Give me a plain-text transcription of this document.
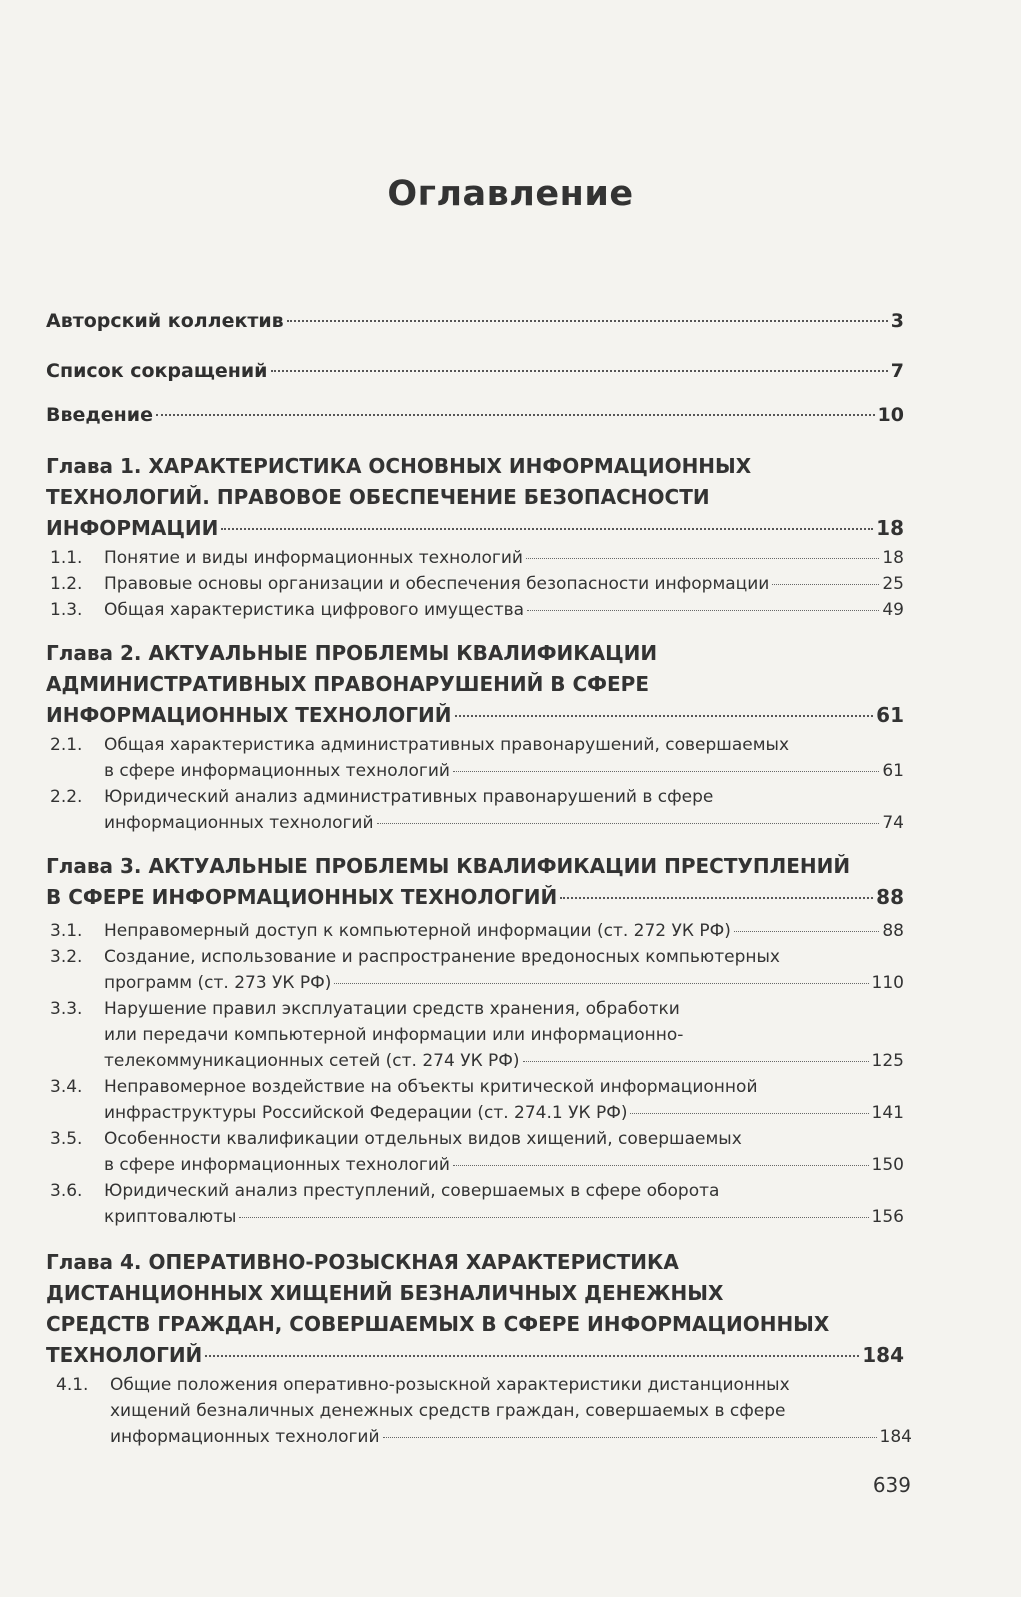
Оглавление
Авторский коллектив	3
Список сокращений	7
Введение	10
Глава 1. ХАРАКТЕРИСТИКА ОСНОВНЫХ ИНФОРМАЦИОННЫХ
ТЕХНОЛОГИЙ. ПРАВОВОЕ ОБЕСПЕЧЕНИЕ БЕЗОПАСНОСТИ
ИНФОРМАЦИИ	18
1.1.	Понятие и виды информационных технологий	18
1.2.	Правовые основы организации и обеспечения безопасности информации	25
1.3.	Общая характеристика цифрового имущества	49
Глава 2. АКТУАЛЬНЫЕ ПРОБЛЕМЫ КВАЛИФИКАЦИИ
АДМИНИСТРАТИВНЫХ ПРАВОНАРУШЕНИЙ В СФЕРЕ
ИНФОРМАЦИОННЫХ ТЕХНОЛОГИЙ	61
2.1.	Общая характеристика административных правонарушений, совершаемых
в сфере информационных технологий	61
2.2.	Юридический анализ административных правонарушений в сфере
информационных технологий	74
Глава 3. АКТУАЛЬНЫЕ ПРОБЛЕМЫ КВАЛИФИКАЦИИ ПРЕСТУПЛЕНИЙ
В СФЕРЕ ИНФОРМАЦИОННЫХ ТЕХНОЛОГИЙ	88
3.1.	Неправомерный доступ к компьютерной информации (ст. 272 УК РФ)	88
3.2.	Создание, использование и распространение вредоносных компьютерных
программ (ст. 273 УК РФ)	110
3.3.	Нарушение правил эксплуатации средств хранения, обработки
или передачи компьютерной информации или информационно-
телекоммуникационных сетей (ст. 274 УК РФ)	125
3.4.	Неправомерное воздействие на объекты критической информационной
инфраструктуры Российской Федерации (ст. 274.1 УК РФ)	141
3.5.	Особенности квалификации отдельных видов хищений, совершаемых
в сфере информационных технологий	150
3.6.	Юридический анализ преступлений, совершаемых в сфере оборота
криптовалюты	156
Глава 4. ОПЕРАТИВНО-РОЗЫСКНАЯ ХАРАКТЕРИСТИКА
ДИСТАНЦИОННЫХ ХИЩЕНИЙ БЕЗНАЛИЧНЫХ ДЕНЕЖНЫХ
СРЕДСТВ ГРАЖДАН, СОВЕРШАЕМЫХ В СФЕРЕ ИНФОРМАЦИОННЫХ
ТЕХНОЛОГИЙ	184
4.1.	Общие положения оперативно-розыскной характеристики дистанционных
хищений безналичных денежных средств граждан, совершаемых в сфере
информационных технологий	184
639
